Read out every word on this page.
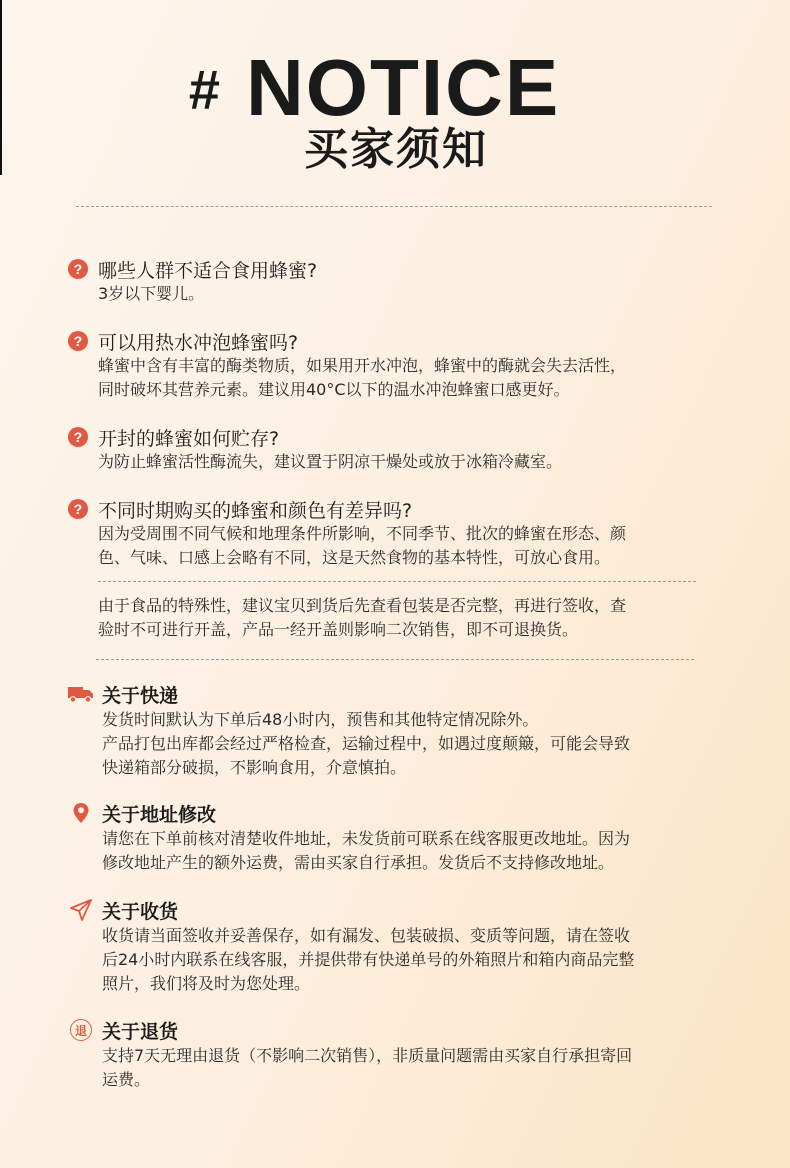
# NOTICE
买家须知
? 哪些人群不适合食用蜂蜜?
3岁以下婴儿。
? 可以用热水冲泡蜂蜜吗?
蜂蜜中含有丰富的酶类物质，如果用开水冲泡，蜂蜜中的酶就会失去活性，
同时破坏其营养元素。建议用40°C以下的温水冲泡蜂蜜口感更好。
? 开封的蜂蜜如何贮存?
为防止蜂蜜活性酶流失，建议置于阴凉干燥处或放于冰箱冷藏室。
? 不同时期购买的蜂蜜和颜色有差异吗?
因为受周围不同气候和地理条件所影响，不同季节、批次的蜂蜜在形态、颜
色、气味、口感上会略有不同，这是天然食物的基本特性，可放心食用。
由于食品的特殊性，建议宝贝到货后先查看包装是否完整，再进行签收，查
验时不可进行开盖，产品一经开盖则影响二次销售，即不可退换货。
关于快递
发货时间默认为下单后48小时内，预售和其他特定情况除外。
产品打包出库都会经过严格检查，运输过程中，如遇过度颠簸，可能会导致
快递箱部分破损，不影响食用，介意慎拍。
关于地址修改
请您在下单前核对清楚收件地址，未发货前可联系在线客服更改地址。因为
修改地址产生的额外运费，需由买家自行承担。发货后不支持修改地址。
关于收货
收货请当面签收并妥善保存，如有漏发、包装破损、变质等问题，请在签收
后24小时内联系在线客服，并提供带有快递单号的外箱照片和箱内商品完整
照片，我们将及时为您处理。
退 关于退货
支持7天无理由退货（不影响二次销售），非质量问题需由买家自行承担寄回
运费。
